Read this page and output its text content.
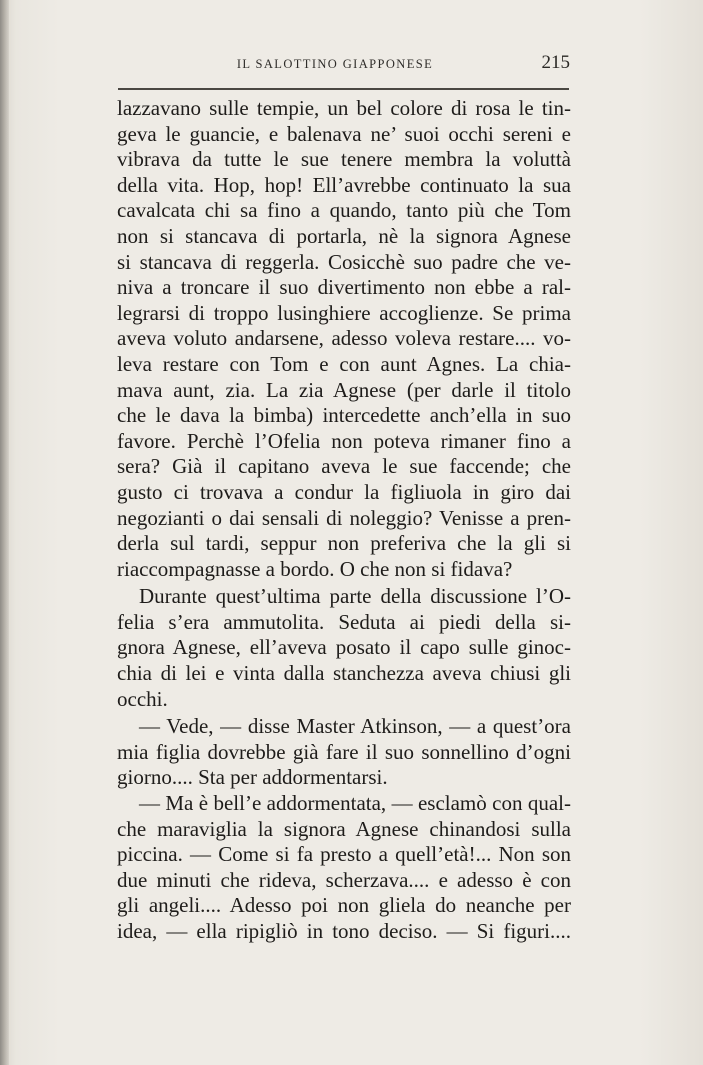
IL SALOTTINO GIAPPONESE	215
lazzavano sulle tempie, un bel colore di rosa le tin-
geva le guancie, e balenava ne’ suoi occhi sereni e
vibrava da tutte le sue tenere membra la voluttà
della vita. Hop, hop! Ell’avrebbe continuato la sua
cavalcata chi sa fino a quando, tanto più che Tom
non si stancava di portarla, nè la signora Agnese
si stancava di reggerla. Cosicchè suo padre che ve-
niva a troncare il suo divertimento non ebbe a ral-
legrarsi di troppo lusinghiere accoglienze. Se prima
aveva voluto andarsene, adesso voleva restare.... vo-
leva restare con Tom e con aunt Agnes. La chia-
mava aunt, zia. La zia Agnese (per darle il titolo
che le dava la bimba) intercedette anch’ella in suo
favore. Perchè l’Ofelia non poteva rimaner fino a
sera? Già il capitano aveva le sue faccende; che
gusto ci trovava a condur la figliuola in giro dai
negozianti o dai sensali di noleggio? Venisse a pren-
derla sul tardi, seppur non preferiva che la gli si
riaccompagnasse a bordo. O che non si fidava?
Durante quest’ultima parte della discussione l’O-
felia s’era ammutolita. Seduta ai piedi della si-
gnora Agnese, ell’aveva posato il capo sulle ginoc-
chia di lei e vinta dalla stanchezza aveva chiusi gli
occhi.
— Vede, — disse Master Atkinson, — a quest’ora
mia figlia dovrebbe già fare il suo sonnellino d’ogni
giorno.... Sta per addormentarsi.
— Ma è bell’e addormentata, — esclamò con qual-
che maraviglia la signora Agnese chinandosi sulla
piccina. — Come si fa presto a quell’età!... Non son
due minuti che rideva, scherzava.... e adesso è con
gli angeli.... Adesso poi non gliela do neanche per
idea, — ella ripigliò in tono deciso. — Si figuri....
